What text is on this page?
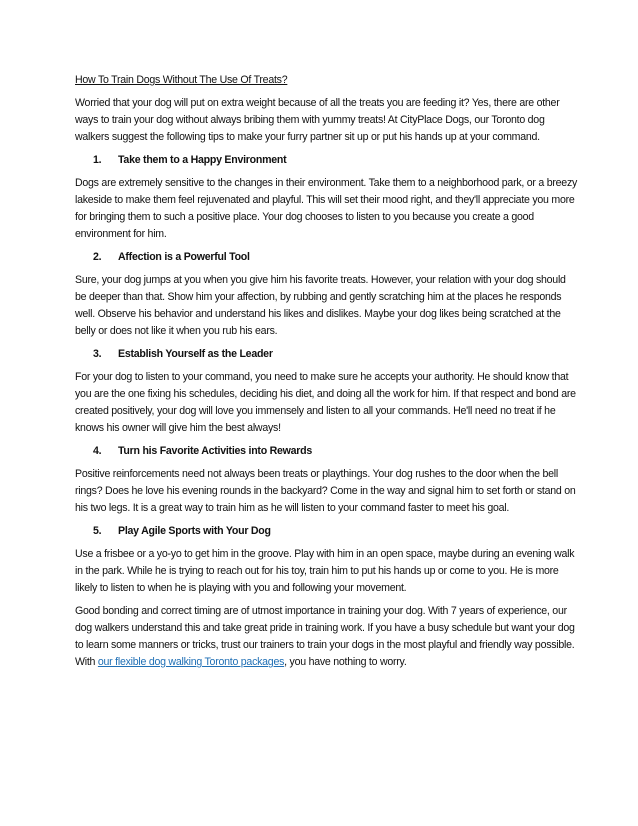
How To Train Dogs Without The Use Of Treats?

Worried that your dog will put on extra weight because of all the treats you are feeding it? Yes, there are other ways to train your dog without always bribing them with yummy treats! At CityPlace Dogs, our Toronto dog walkers suggest the following tips to make your furry partner sit up or put his hands up at your command.

1.	Take them to a Happy Environment

Dogs are extremely sensitive to the changes in their environment. Take them to a neighborhood park, or a breezy lakeside to make them feel rejuvenated and playful. This will set their mood right, and they'll appreciate you more for bringing them to such a positive place. Your dog chooses to listen to you because you create a good environment for him.

2.	Affection is a Powerful Tool

Sure, your dog jumps at you when you give him his favorite treats. However, your relation with your dog should be deeper than that. Show him your affection, by rubbing and gently scratching him at the places he responds well. Observe his behavior and understand his likes and dislikes. Maybe your dog likes being scratched at the belly or does not like it when you rub his ears.

3.	Establish Yourself as the Leader

For your dog to listen to your command, you need to make sure he accepts your authority. He should know that you are the one fixing his schedules, deciding his diet, and doing all the work for him. If that respect and bond are created positively, your dog will love you immensely and listen to all your commands. He'll need no treat if he knows his owner will give him the best always!

4.	Turn his Favorite Activities into Rewards

Positive reinforcements need not always been treats or playthings. Your dog rushes to the door when the bell rings? Does he love his evening rounds in the backyard? Come in the way and signal him to set forth or stand on his two legs. It is a great way to train him as he will listen to your command faster to meet his goal.

5.	Play Agile Sports with Your Dog

Use a frisbee or a yo-yo to get him in the groove. Play with him in an open space, maybe during an evening walk in the park. While he is trying to reach out for his toy, train him to put his hands up or come to you. He is more likely to listen to when he is playing with you and following your movement.

Good bonding and correct timing are of utmost importance in training your dog. With 7 years of experience, our dog walkers understand this and take great pride in training work. If you have a busy schedule but want your dog to learn some manners or tricks, trust our trainers to train your dogs in the most playful and friendly way possible. With our flexible dog walking Toronto packages, you have nothing to worry.
